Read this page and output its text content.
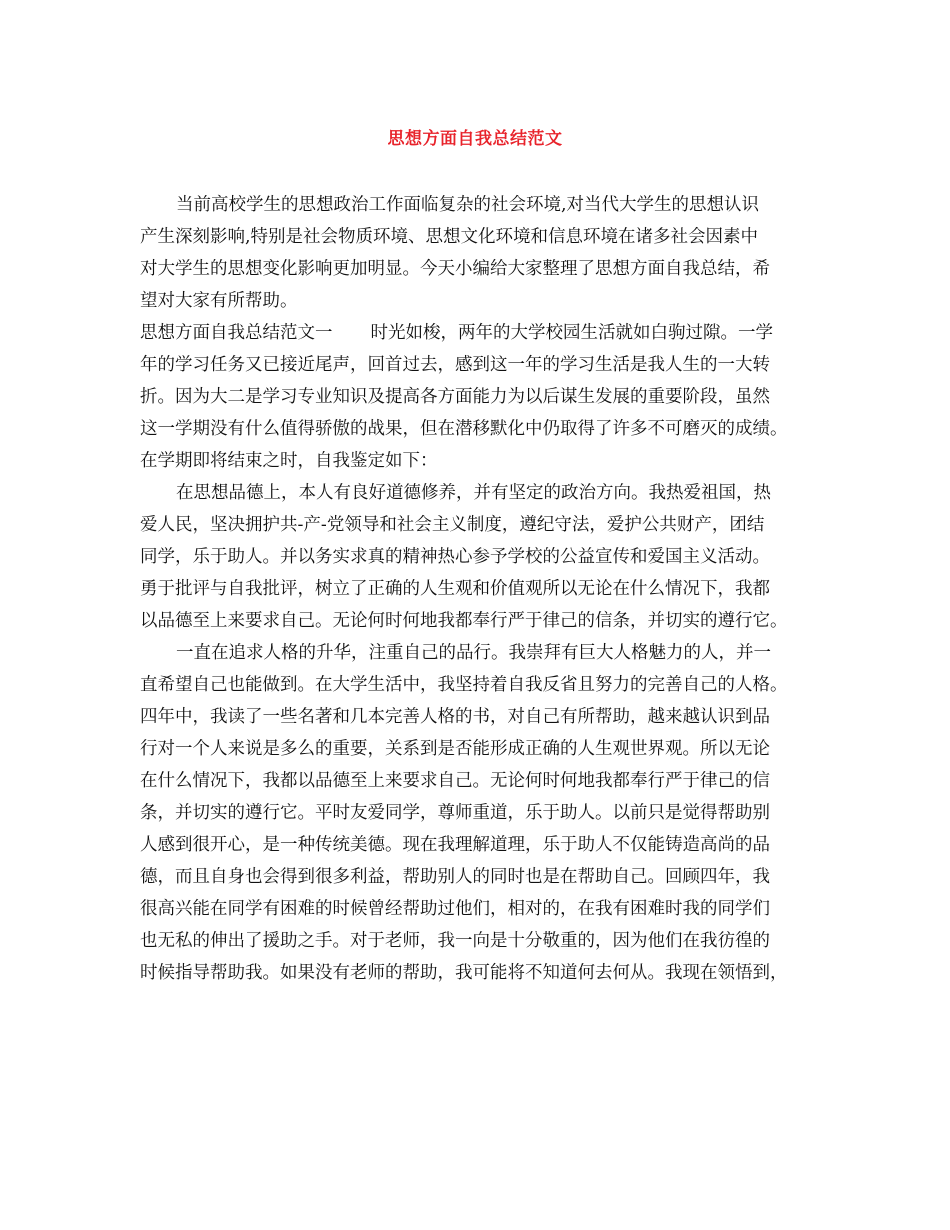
思想方面自我总结范文
当前高校学生的思想政治工作面临复杂的社会环境,对当代大学生的思想认识
产生深刻影响,特别是社会物质环境、思想文化环境和信息环境在诸多社会因素中
对大学生的思想变化影响更加明显。今天小编给大家整理了思想方面自我总结，希
望对大家有所帮助。
思想方面自我总结范文一 时光如梭，两年的大学校园生活就如白驹过隙。一学
年的学习任务又已接近尾声，回首过去，感到这一年的学习生活是我人生的一大转
折。因为大二是学习专业知识及提高各方面能力为以后谋生发展的重要阶段，虽然
这一学期没有什么值得骄傲的战果，但在潜移默化中仍取得了许多不可磨灭的成绩。
在学期即将结束之时，自我鉴定如下：
在思想品德上，本人有良好道德修养，并有坚定的政治方向。我热爱祖国，热
爱人民，坚决拥护共-产-党领导和社会主义制度，遵纪守法，爱护公共财产，团结
同学，乐于助人。并以务实求真的精神热心参予学校的公益宣传和爱国主义活动。
勇于批评与自我批评，树立了正确的人生观和价值观所以无论在什么情况下，我都
以品德至上来要求自己。无论何时何地我都奉行严于律己的信条，并切实的遵行它。
一直在追求人格的升华，注重自己的品行。我崇拜有巨大人格魅力的人，并一
直希望自己也能做到。在大学生活中，我坚持着自我反省且努力的完善自己的人格。
四年中，我读了一些名著和几本完善人格的书，对自己有所帮助，越来越认识到品
行对一个人来说是多么的重要，关系到是否能形成正确的人生观世界观。所以无论
在什么情况下，我都以品德至上来要求自己。无论何时何地我都奉行严于律己的信
条，并切实的遵行它。平时友爱同学，尊师重道，乐于助人。以前只是觉得帮助别
人感到很开心，是一种传统美德。现在我理解道理，乐于助人不仅能铸造高尚的品
德，而且自身也会得到很多利益，帮助别人的同时也是在帮助自己。回顾四年，我
很高兴能在同学有困难的时候曾经帮助过他们，相对的，在我有困难时我的同学们
也无私的伸出了援助之手。对于老师，我一向是十分敬重的，因为他们在我彷徨的
时候指导帮助我。如果没有老师的帮助，我可能将不知道何去何从。我现在领悟到，
